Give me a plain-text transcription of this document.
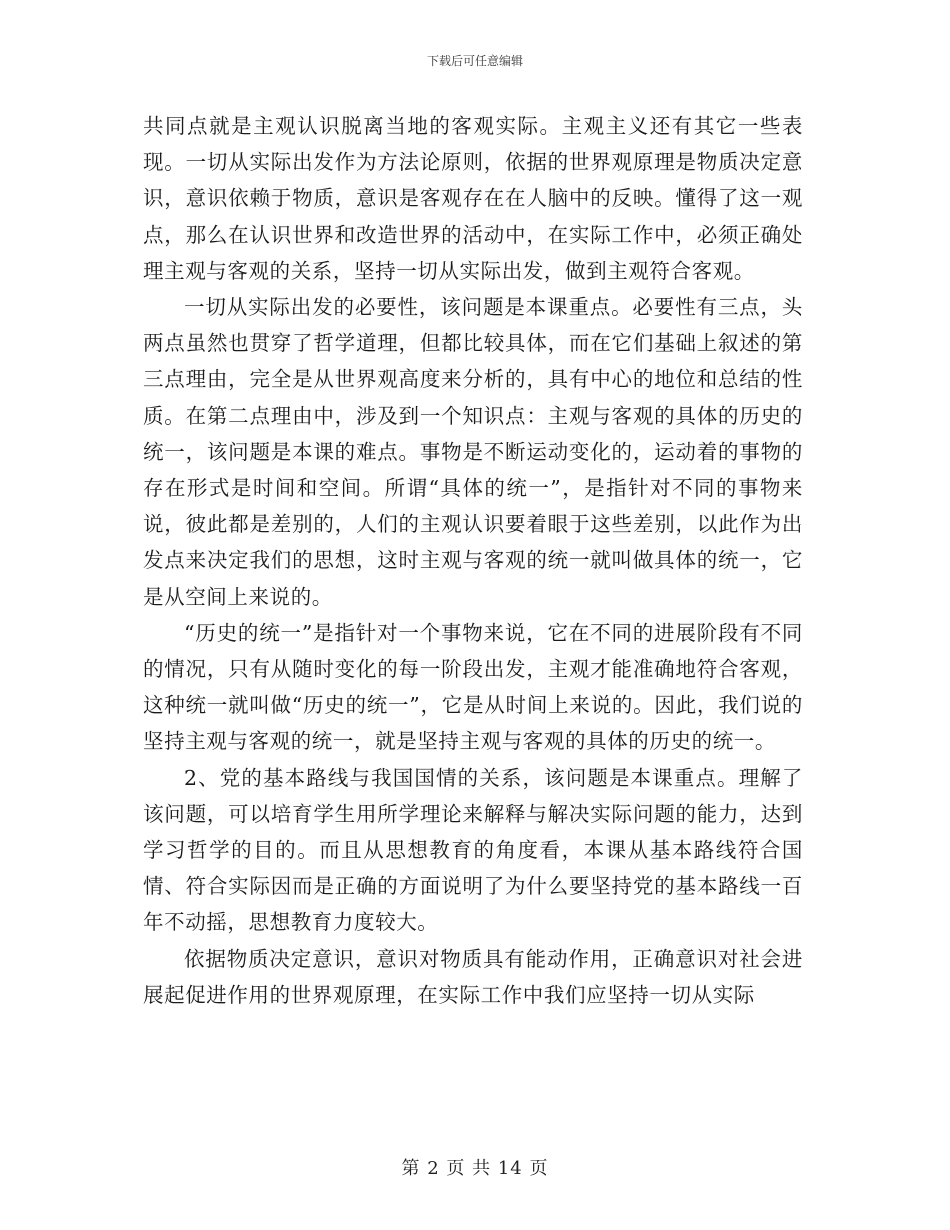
下载后可任意编辑

共同点就是主观认识脱离当地的客观实际。主观主义还有其它一些表现。一切从实际出发作为方法论原则，依据的世界观原理是物质决定意识，意识依赖于物质，意识是客观存在在人脑中的反映。懂得了这一观点，那么在认识世界和改造世界的活动中，在实际工作中，必须正确处理主观与客观的关系，坚持一切从实际出发，做到主观符合客观。

一切从实际出发的必要性，该问题是本课重点。必要性有三点，头两点虽然也贯穿了哲学道理，但都比较具体，而在它们基础上叙述的第三点理由，完全是从世界观高度来分析的，具有中心的地位和总结的性质。在第二点理由中，涉及到一个知识点：主观与客观的具体的历史的统一，该问题是本课的难点。事物是不断运动变化的，运动着的事物的存在形式是时间和空间。所谓“具体的统一”，是指针对不同的事物来说，彼此都是差别的，人们的主观认识要着眼于这些差别，以此作为出发点来决定我们的思想，这时主观与客观的统一就叫做具体的统一，它是从空间上来说的。

“历史的统一”是指针对一个事物来说，它在不同的进展阶段有不同的情况，只有从随时变化的每一阶段出发，主观才能准确地符合客观，这种统一就叫做“历史的统一”，它是从时间上来说的。因此，我们说的坚持主观与客观的统一，就是坚持主观与客观的具体的历史的统一。

2、党的基本路线与我国国情的关系，该问题是本课重点。理解了该问题，可以培育学生用所学理论来解释与解决实际问题的能力，达到学习哲学的目的。而且从思想教育的角度看，本课从基本路线符合国情、符合实际因而是正确的方面说明了为什么要坚持党的基本路线一百年不动摇，思想教育力度较大。

依据物质决定意识，意识对物质具有能动作用，正确意识对社会进展起促进作用的世界观原理，在实际工作中我们应坚持一切从实际

第 2 页 共 14 页
